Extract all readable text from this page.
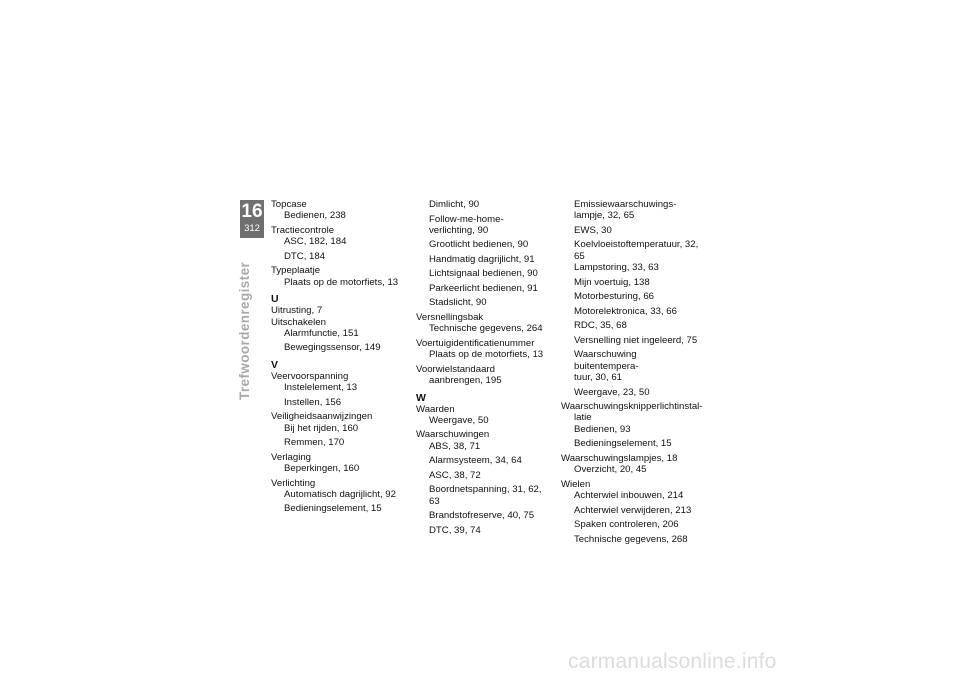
16
312
Trefwoordenregister

Topcase

Bedienen, 238

Tractiecontrole

ASC, 182, 184

DTC, 184

Typeplaatje

Plaats op de motorfiets, 13

U

Uitrusting, 7

Uitschakelen

Alarmfunctie, 151

Bewegingssensor, 149

V

Veervoorspanning

Instelelement, 13

Instellen, 156

Veiligheidsaanwijzingen

Bij het rijden, 160

Remmen, 170

Verlaging

Beperkingen, 160

Verlichting

Automatisch dagrijlicht, 92

Bedieningselement, 15

Dimlicht, 90

Follow-me-home-

verlichting, 90

Grootlicht bedienen, 90

Handmatig dagrijlicht, 91

Lichtsignaal bedienen, 90

Parkeerlicht bedienen, 91

Stadslicht, 90

Versnellingsbak

Technische gegevens, 264

Voertuigidentificatienummer

Plaats op de motorfiets, 13

Voorwielstandaard

aanbrengen, 195

W

Waarden

Weergave, 50

Waarschuwingen

ABS, 38, 71

Alarmsysteem, 34, 64

ASC, 38, 72

Boordnetspanning, 31, 62, 63

Brandstofreserve, 40, 75

DTC, 39, 74

Emissiewaarschuwings-

lampje, 32, 65

EWS, 30

Koelvloeistoftemperatuur, 32,

65

Lampstoring, 33, 63

Mijn voertuig, 138

Motorbesturing, 66

Motorelektronica, 33, 66

RDC, 35, 68

Versnelling niet ingeleerd, 75

Waarschuwing buitentempera-

tuur, 30, 61

Weergave, 23, 50

Waarschuwingsknipperlichtinstal-

latie

Bedienen, 93

Bedieningselement, 15

Waarschuwingslampjes, 18

Overzicht, 20, 45

Wielen

Achterwiel inbouwen, 214

Achterwiel verwijderen, 213

Spaken controleren, 206

Technische gegevens, 268

carmanualsonline.info
